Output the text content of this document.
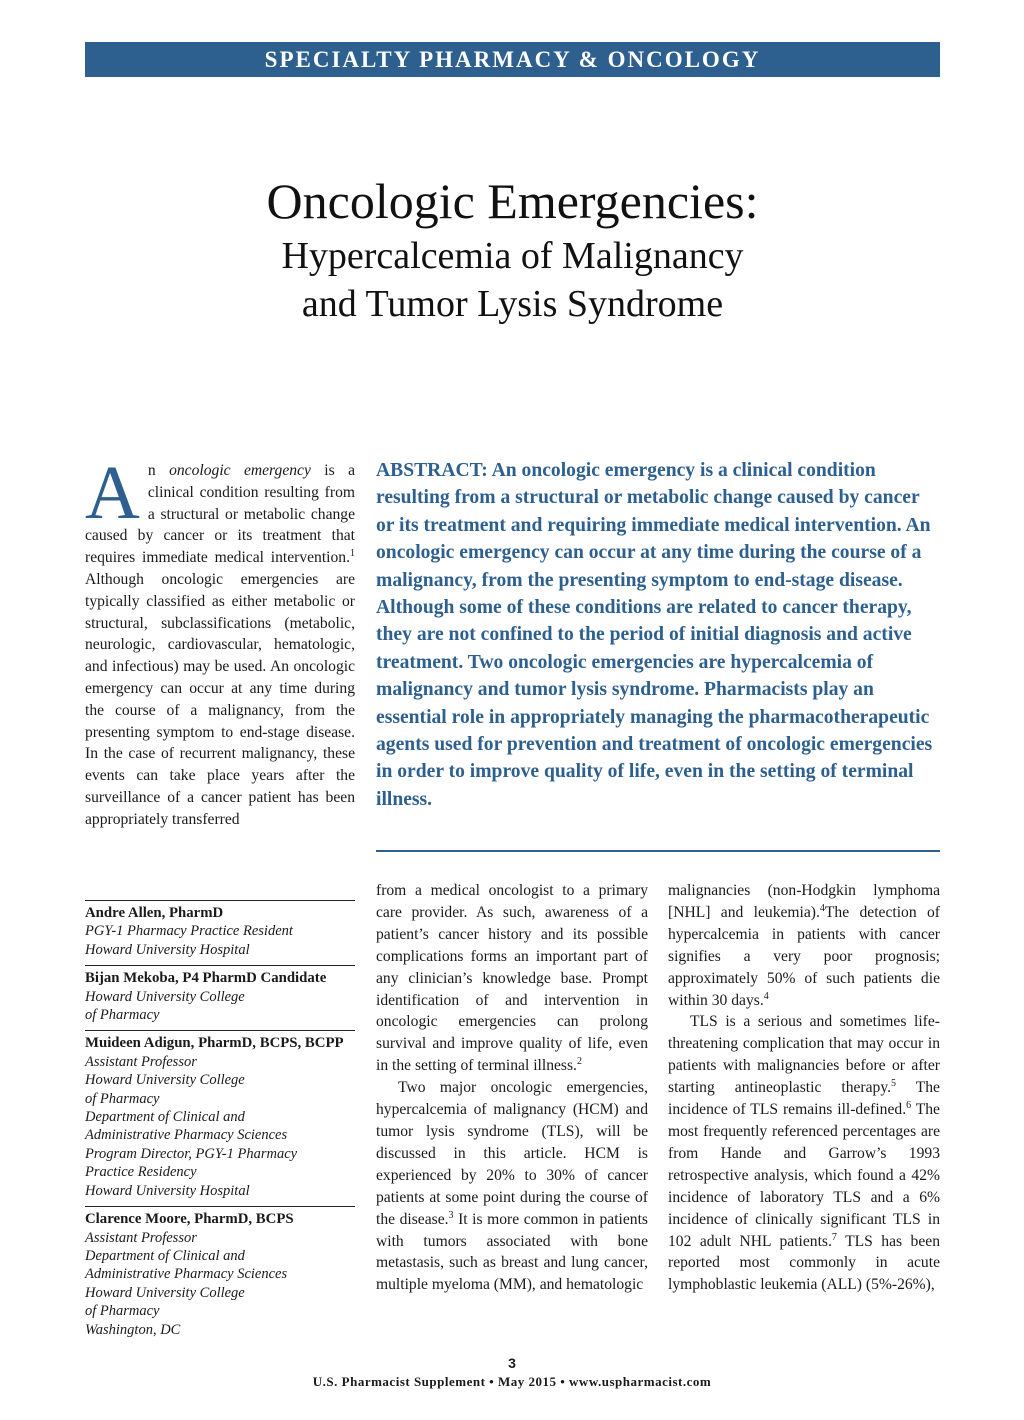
SPECIALTY PHARMACY & ONCOLOGY
Oncologic Emergencies:
Hypercalcemia of Malignancy
and Tumor Lysis Syndrome
An oncologic emergency is a clinical condition resulting from a structural or metabolic change caused by cancer or its treatment that requires immediate medical intervention.$^1$ Although oncologic emergencies are typically classified as either metabolic or structural, subclassifications (metabolic, neurologic, cardiovascular, hematologic, and infectious) may be used. An oncologic emergency can occur at any time during the course of a malignancy, from the presenting symptom to end-stage disease. In the case of recurrent malignancy, these events can take place years after the surveillance of a cancer patient has been appropriately transferred
ABSTRACT: An oncologic emergency is a clinical condition resulting from a structural or metabolic change caused by cancer or its treatment and requiring immediate medical intervention. An oncologic emergency can occur at any time during the course of a malignancy, from the presenting symptom to end-stage disease. Although some of these conditions are related to cancer therapy, they are not confined to the period of initial diagnosis and active treatment. Two oncologic emergencies are hypercalcemia of malignancy and tumor lysis syndrome. Pharmacists play an essential role in appropriately managing the pharmacotherapeutic agents used for prevention and treatment of oncologic emergencies in order to improve quality of life, even in the setting of terminal illness.
Andre Allen, PharmD
PGY-1 Pharmacy Practice Resident
Howard University Hospital
Bijan Mekoba, P4 PharmD Candidate
Howard University College
of Pharmacy
Muideen Adigun, PharmD, BCPS, BCPP
Assistant Professor
Howard University College
of Pharmacy
Department of Clinical and
Administrative Pharmacy Sciences
Program Director, PGY-1 Pharmacy
Practice Residency
Howard University Hospital
Clarence Moore, PharmD, BCPS
Assistant Professor
Department of Clinical and
Administrative Pharmacy Sciences
Howard University College
of Pharmacy
Washington, DC

from a medical oncologist to a primary care provider. As such, awareness of a patient’s cancer history and its possible complications forms an important part of any clinician’s knowledge base. Prompt identification of and intervention in oncologic emergencies can prolong survival and improve quality of life, even in the setting of terminal illness.$^2$

Two major oncologic emergencies, hypercalcemia of malignancy (HCM) and tumor lysis syndrome (TLS), will be discussed in this article. HCM is experienced by 20% to 30% of cancer patients at some point during the course of the disease.$^3$ It is more common in patients with tumors associated with bone metastasis, such as breast and lung cancer, multiple myeloma (MM), and hematologic

malignancies (non-Hodgkin lymphoma [NHL] and leukemia).$^4$The detection of hypercalcemia in patients with cancer signifies a very poor prognosis; approximately 50% of such patients die within 30 days.$^4$

TLS is a serious and sometimes life-threatening complication that may occur in patients with malignancies before or after starting antineoplastic therapy.$^5$ The incidence of TLS remains ill-defined.$^6$ The most frequently referenced percentages are from Hande and Garrow’s 1993 retrospective analysis, which found a 42% incidence of laboratory TLS and a 6% incidence of clinically significant TLS in 102 adult NHL patients.$^7$ TLS has been reported most commonly in acute lymphoblastic leukemia (ALL) (5%-26%),

3
U.S. Pharmacist Supplement • May 2015 • www.uspharmacist.com
